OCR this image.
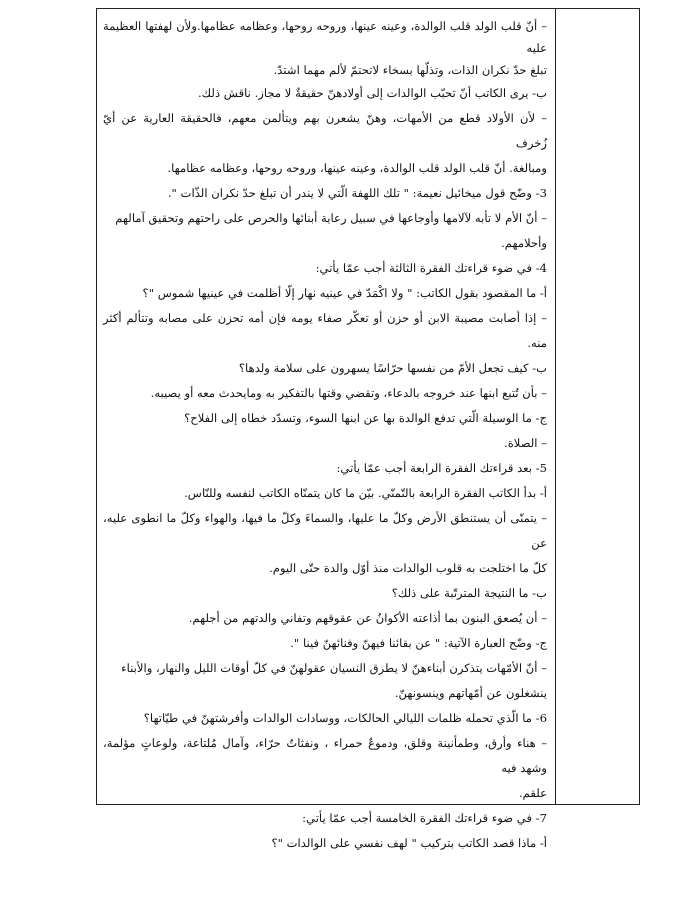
– أنّ قلب الولد قلب الوالدة، وعينه عينها، وروحه روحها، وعظامه عظامها.ولأن لهفتها العظيمة عليه

تبلغ حدّ نكران الذات، وتذلّها بسخاء لاتحتمّ لألم مهما اشتدّ.

ب- يرى الكاتب أنّ تحبّب الوالدات إلى أولادهنّ حقيقةٌ لا مجاز. ناقش ذلك.

– لأن الأولاد قطع من الأمهات، وهنّ يشعرن بهم ويتألمن معهم، فالحقيقة العارية عن أيّ زُخرف

ومبالغة. أنّ قلب الولد قلب الوالدة، وعينه عينها، وروحه روحها، وعظامه عظامها.

3- وضّح قول ميخائيل نعيمة: " تلك اللهفة الّتي لا يندر أن تبلغ حدّ نكران الذّات ".

– أنّ الأم لا تأبه لآلامها وأوجاعها في سبيل رعاية أبنائها والحرص على راحتهم وتحقيق آمالهم

وأحلامهم.

4- في ضوء قراءتك الفقرة الثالثة أجب عمّا يأتي:

أ- ما المقصود بقول الكاتب: " ولا اكْمَدّ في عينيه نهار إلّا أظلمت في عينيها شموس "؟

– إذا أصابت مصيبة الابن أو حزن أو تعكّر صفاء يومه فإن أمه تحزن على مصابه وتتألم أكثر منه.

ب- كيف تجعل الأمّ من نفسها حرّاسًا يسهرون على سلامة ولدها؟

– بأن تُتبع ابنها عند خروجه بالدعاء، وتقضي وقتها بالتفكير به ومايحدث معه أو يصيبه.

ج- ما الوسيلة الّتي تدفع الوالدة بها عن ابنها السوء، وتسدّد خطاه إلى الفلاح؟

– الصلاة.

5- بعد قراءتك الفقرة الرابعة أجب عمّا يأتي:

أ- بدأ الكاتب الفقرة الرابعة بالتّمنّي. بيّن ما كان يتمنّاه الكاتب لنفسه وللنّاس.

– يتمنّى أن يستنطق الأرض وكلّ ما عليها، والسماءَ وكلّ ما فيها، والهواء وكلّ ما انطوى عليه، عن

كلّ ما اختلجت به قلوب الوالدات منذ أوّل والدة حتّى اليوم.

ب- ما النتيجة المترتّبة على ذلك؟

– أن يُصعق البنون بما أذاعته الأكوانُ عن عقوقهم وتفاني والدتهم من أجلهم.

ج- وضّح العبارة الآتية: " عن بقائنا فيهنّ وفنائهنّ فينا ".

– أنّ الأمّهات يتذكرن أبناءهنّ لا يطرق النسيان عقولهنّ في كلّ أوقات الليل والنهار، والأبناء

ينشغلون عن أمّهاتهم وينسونهنّ.

6- ما الّذي تحمله ظلمات الليالي الحالكات، ووسادات الوالدات وأفرشتهنّ في طيّاتها؟

– هناء وأرق، وطمأنينة وقلق، ودموعٌ حمراء ، ونفثاتٌ حرّاء، وآمال مُلتاعة، ولوعاتٍ مؤلمة، وشهد فيه

علقم.

7- في ضوء قراءتك الفقرة الخامسة أجب عمّا يأتي:

أ- ماذا قصد الكاتب بتركيب " لهف نفسي على الوالدات "؟
